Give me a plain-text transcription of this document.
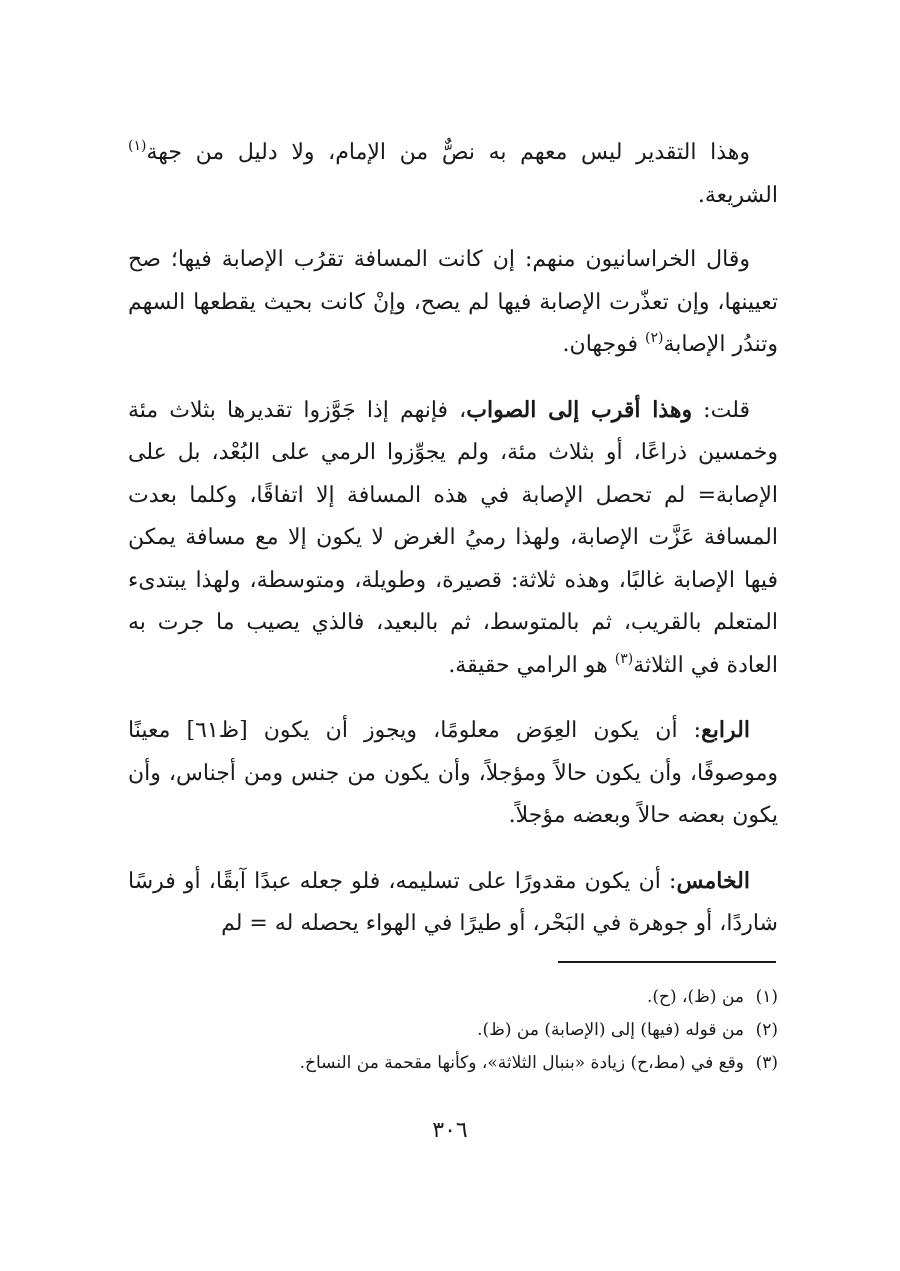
وهذا التقدير ليس معهم به نصٌّ من الإمام، ولا دليل من جهة$^{(١)}$ الشريعة.

وقال الخراسانيون منهم: إن كانت المسافة تقرُب الإصابة فيها؛ صح تعيينها، وإن تعذّرت الإصابة فيها لم يصح، وإنْ كانت بحيث يقطعها السهم وتندُر الإصابة$^{(٢)}$ فوجهان.

قلت: وهذا أقرب إلى الصواب، فإنهم إذا جَوَّزوا تقديرها بثلاث مئة وخمسين ذراعًا، أو بثلاث مئة، ولم يجوِّزوا الرمي على البُعْد، بل على الإصابة= لم تحصل الإصابة في هذه المسافة إلا اتفاقًا، وكلما بعدت المسافة عَزَّت الإصابة، ولهذا رميُ الغرض لا يكون إلا مع مسافة يمكن فيها الإصابة غالبًا، وهذه ثلاثة: قصيرة، وطويلة، ومتوسطة، ولهذا يبتدىء المتعلم بالقريب، ثم بالمتوسط، ثم بالبعيد، فالذي يصيب ما جرت به العادة في الثلاثة$^{(٣)}$ هو الرامي حقيقة.

الرابع: أن يكون العِوَض معلومًا، ويجوز أن يكون [ظ٦١] معينًا وموصوفًا، وأن يكون حالاً ومؤجلاً، وأن يكون من جنس ومن أجناس، وأن يكون بعضه حالاً وبعضه مؤجلاً.

الخامس: أن يكون مقدورًا على تسليمه، فلو جعله عبدًا آبقًا، أو فرسًا شاردًا، أو جوهرة في البَحْر، أو طيرًا في الهواء يحصله له = لم

(١)من (ظ)، (ح).
(٢)من قوله (فيها) إلى (الإصابة) من (ظ).
(٣)وقع في (مط،ح) زيادة «بنبال الثلاثة»، وكأنها مقحمة من النساخ.
٣٠٦
